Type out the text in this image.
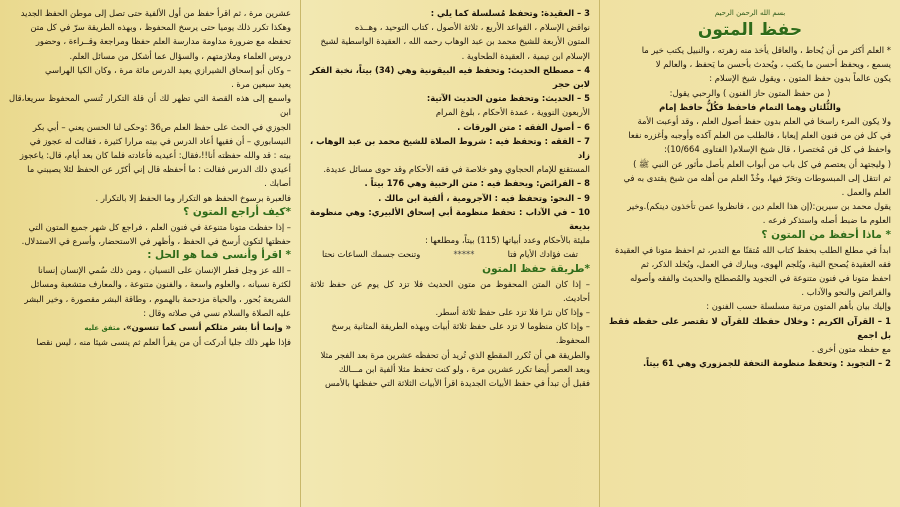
بسم الله الرحمن الرحيم
حفظ المتون

* العلم أكثر من أن يُحاط ، والعاقل يأخذ منه زهرته ، والنبيل يكتب خير ما

يسمع ، ويحفظ أحسن ما يكتب ، ويُحدث بأحسن ما يَحفظ ، والعالم لا

يكون عالماً بدون حفظ المتون ، ويقول شيخ الإسلام :

( من حفظ المتون حاز الفنون ) والرحبي يقول:

والثُّلثان وهما التمام فاحفظ فكُلُّ حافظ إمام

ولا يكون المرء راسخا في العلم بدون حفظ أصول العلم ، وقد أوعبت الأمة

في كل فن من فنون العلم إيعابا ، فالطلب من العلم آكده وأوجبه وأغزره نفعا

واحفظ في كل فن مُختصرا ، قال شيخ الإسلام( الفتاوى 10/664):

( وليجتهد أن يعتصم في كل باب من أبواب العلم بأصل مأثور عن النبي ﷺ )

ثم انتقل إلى المبسوطات وتحَرّ فيها، وخُذْ العلم من أهله من شيخ يقتدى به في

العلم والعمل .

يقول محمد بن سيرين:(إن هذا العلم دين ، فانظروا عمن تأخذون دينكم).وخير

العلوم ما ضبط أصله واستذكر فرعه .

* ماذا أحفظ من المتون ؟

ابدأ في مطلع الطلب بحفظ كتاب الله مُتقنًا مع التدبر، ثم احفظ متونا في العقيدة

فقه العقيدة يُصحح النية، ويُلجم الهوى، ويبارك في العمل، ويُخلد الذكر، ثم

احفظ متونا في فنون متنوعة في التجويد والمُصطلح والحديث والفقه وأصوله

والفرائض والنحو والآداب .

وإليك بيان بأهم المتون مرتبة مسلسلة حسب الفنون :

1 – القرآن الكريم : وخلال حفظك للقرآن لا تقتصر على حفظه فقط بل اجمع

مع حفظه متون أخرى .

2 – التجويد : وتحفظ منظومة التحفة للجمزوري وهي 61 بيتاً.

3 – العقيدة: وتحفظ مُسلسلة كما يلي :

نواقض الإسلام ، القواعد الأربع ، ثلاثة الأصول ، كتاب التوحيد ، وهــذه

المتون الأربعة للشيخ محمد بن عبد الوهاب رحمه الله ، العقيدة الواسطية لشيخ

الإسلام ابن تيمية ، العقيدة الطحاوية .

4 – مصطلح الحديث: وتحفظ فيه البيقونية وهي (34) بيتاً، نخبة الفكر لابن حجر

5 – الحديث: وتحفظ متون الحديث الآتية:

الأربعون النووية ، عمدة الأحكام ، بلوغ المرام

6 – أصول الفقه : متن الورقات .

7 – الفقه : وتحفظ فيه : شروط الصلاة للشيخ محمد بن عبد الوهاب ، زاد

المستقنع للإمام الحجاوي وهو خلاصة في فقه الأحكام وقد حوى مسائل عديدة.

8 – الفرائض: ويحفظ فيه : متن الرحبية وهي 176 بيتاً .

9 – النحو: وتحفظ فيه : الآجرومية ، ألفية ابن مالك .

10 – في الآداب : تحفظ منظومة أبي إسحاق الألبيري: وهي منظومة بديعة

مليئة بالأحكام وعدد أبياتها (115) بيتاً، ومطلعها :

تفت فؤادك الأيام فتا
*****
وتنحت جسمك الساعات نحتا
*طريقة حفظ المتون

– إذا كان المتن المحفوظ من متون الحديث فلا تزد كل يوم عن حفظ ثلاثة أحاديث.

– وإذا كان نثرا فلا تزد على حفظ ثلاثة أسطر.

– وإذا كان منظوما لا تزد على حفظ ثلاثة أبيات وبهذه الطريقة المثانية يرسخ

المحفوظ.

والطريقة هي أن تُكرر المقطع الذي تُريد أن تحفظه عشرين مرة بعد الفجر مثلا

وبعد العصر أيضا تكرر عشرين مرة ، ولو كنت تحفظ مثلا ألفية ابن مـــالك

فقبل أن تبدأ في حفظ الأبيات الجديدة اقرأ الأبيات الثلاثة التي حفظتها بالأمس

عشرين مرة ، ثم اقرأ حفظ من أول الألفية حتى تصل إلى موطن الحفظ الجديد

وهكذا تكرر ذلك يوميا حتى يرسخ المحفوظ ، وبهذه الطريقة سرّ في كل متن

تحفظه مع ضرورة مداومة مدارسة العلم حفظا ومراجعة وقــراءة ، وحضور

دروس العلماء وملازمتهم ، والسؤال عما أشكل من مسائل العلم.

– وكان أبو إسحاق الشيرازي يعيد الدرس مائة مرة ، وكان الكيا الهراسي

يعيد سبعين مرة .

واسمع إلى هذه القصة التي تظهر لك أن قلة التكرار تُنسي المحفوظ سريعا،قال ابن

الجوزي في الحث على حفظ العلم ص36 :وحكى لنا الحسن يعني – أبي بكر

النيسابوري – أن فقيها أعاد الدرس في بيته مرارا كثيرة ، فقالت له عجوز في

بيته : قد والله حفظته أنا!!،فقال: أعيديه فأعادته فلما كان بعد أيام، قال: ياعجوز

أعيدي ذلك الدرس فقالت : ما أحفظه قال إني أكرّر عن الحفظ لئلا يصيبني ما

أصابك .

فالعبرة برسوخ الحفظ هو التكرار وما الحفظ إلا بالتكرار .

*كيف أراجع المتون ؟

– إذا حفظت متونا متنوعة في فنون العلم ، فراجع كل شهر جميع المتون التي

حفظتها لتكون أرسخ في الحفظ ، وأظهر في الاستحضار، وأسرع في الاستدلال.

* اقرأ وأنسى فما هو الحل :

– الله عز وجل فطر الإنسان على النسيان ، ومن ذلك سُمي الإنسان إنسانا

لكثرة نسيانه ، والعلوم واسعة ، والفنون متنوعة ، والمعارف متشعبة ومسائل

الشريعة بُحور ، والحياة مزدحمة بالهموم ، وطاقة البشر مقصورة ، وخير البشر

عليه الصلاة والسلام نسي في صلاته وقال :

« وإنما أنا بشر مثلكم أنسى كما تنسون». متفق عليه

فإذا ظهر ذلك جليا أدركت أن من يقرأ العلم ثم ينسى شيئا منه ، ليس نقصا
